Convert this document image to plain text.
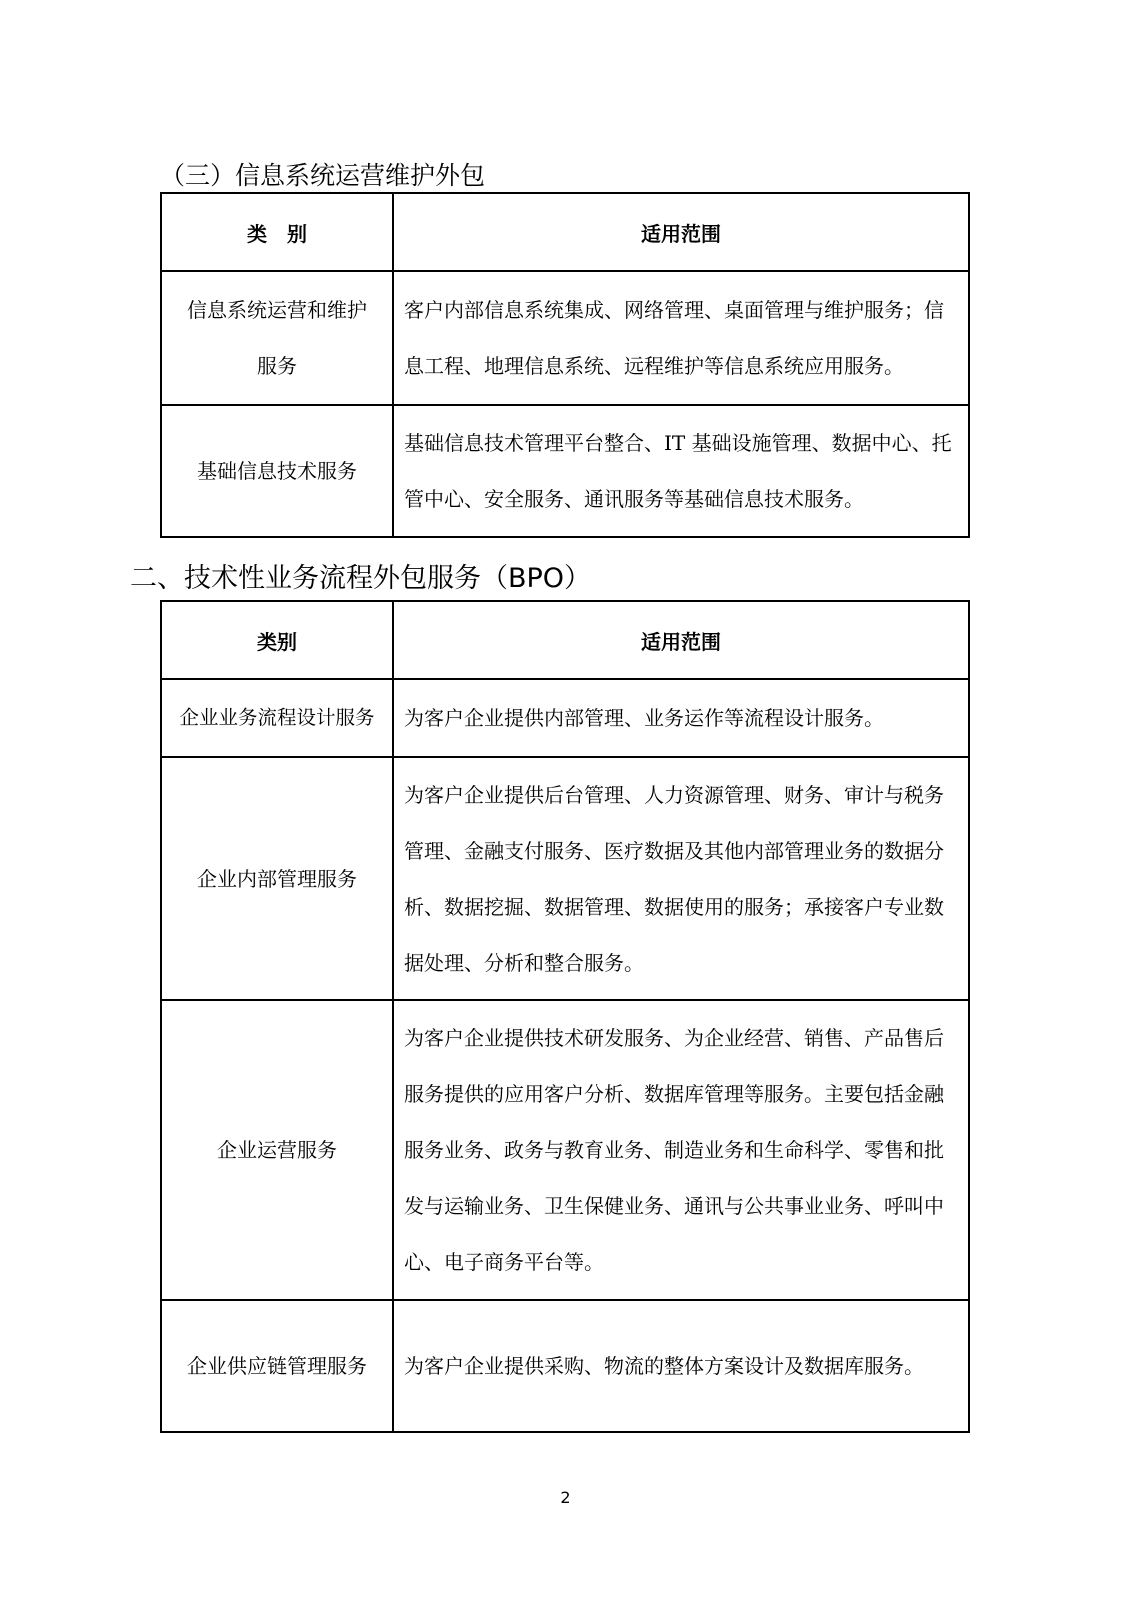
（三）信息系统运营维护外包
类　别	适用范围
信息系统运营和维护服务	客户内部信息系统集成、网络管理、桌面管理与维护服务；信息工程、地理信息系统、远程维护等信息系统应用服务。
基础信息技术服务	基础信息技术管理平台整合、IT 基础设施管理、数据中心、托管中心、安全服务、通讯服务等基础信息技术服务。
二、技术性业务流程外包服务（BPO）
类别	适用范围
企业业务流程设计服务	为客户企业提供内部管理、业务运作等流程设计服务。
企业内部管理服务	为客户企业提供后台管理、人力资源管理、财务、审计与税务管理、金融支付服务、医疗数据及其他内部管理业务的数据分析、数据挖掘、数据管理、数据使用的服务；承接客户专业数据处理、分析和整合服务。
企业运营服务	为客户企业提供技术研发服务、为企业经营、销售、产品售后服务提供的应用客户分析、数据库管理等服务。主要包括金融服务业务、政务与教育业务、制造业务和生命科学、零售和批发与运输业务、卫生保健业务、通讯与公共事业业务、呼叫中心、电子商务平台等。
企业供应链管理服务	为客户企业提供采购、物流的整体方案设计及数据库服务。
2
